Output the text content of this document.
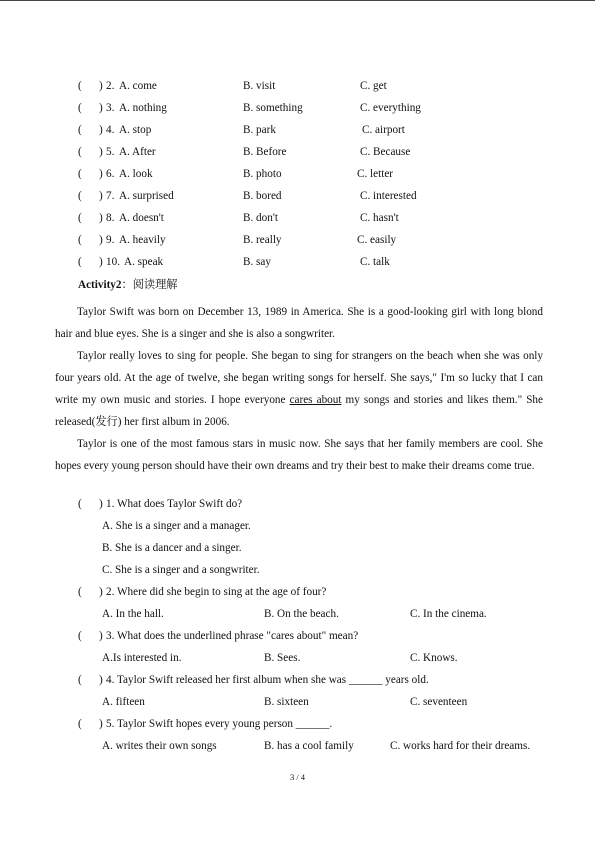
( ) 2. A. come	B. visit	C. get
( ) 3. A. nothing	B. something	C. everything
( ) 4. A. stop	B. park	C. airport
( ) 5. A. After	B. Before	C. Because
( ) 6. A. look	B. photo	C. letter
( ) 7. A. surprised	B. bored	C. interested
( ) 8. A. doesn't	B. don't	C. hasn't
( ) 9. A. heavily	B. really	C. easily
( ) 10. A. speak	B. say	C. talk
Activity2：阅读理解

Taylor Swift was born on December 13, 1989 in America. She is a good-looking girl with long blond hair and blue eyes. She is a singer and she is also a songwriter.

Taylor really loves to sing for people. She began to sing for strangers on the beach when she was only four years old. At the age of twelve, she began writing songs for herself. She says," I'm so lucky that I can write my own music and stories. I hope everyone cares about my songs and stories and likes them." She released(发行) her first album in 2006.

Taylor is one of the most famous stars in music now. She says that her family members are cool. She hopes every young person should have their own dreams and try their best to make their dreams come true.

( ) 1. What does Taylor Swift do?
A. She is a singer and a manager.
B. She is a dancer and a singer.
C. She is a singer and a songwriter.
( ) 2. Where did she begin to sing at the age of four?
A. In the hall.	B. On the beach.	C. In the cinema.
( ) 3. What does the underlined phrase "cares about" mean?
A.Is interested in.	B. Sees.	C. Knows.
( ) 4. Taylor Swift released her first album when she was ______ years old.
A. fifteen	B. sixteen	C. seventeen
( ) 5. Taylor Swift hopes every young person ______.
A. writes their own songs	B. has a cool family	C. works hard for their dreams.
3 / 4
